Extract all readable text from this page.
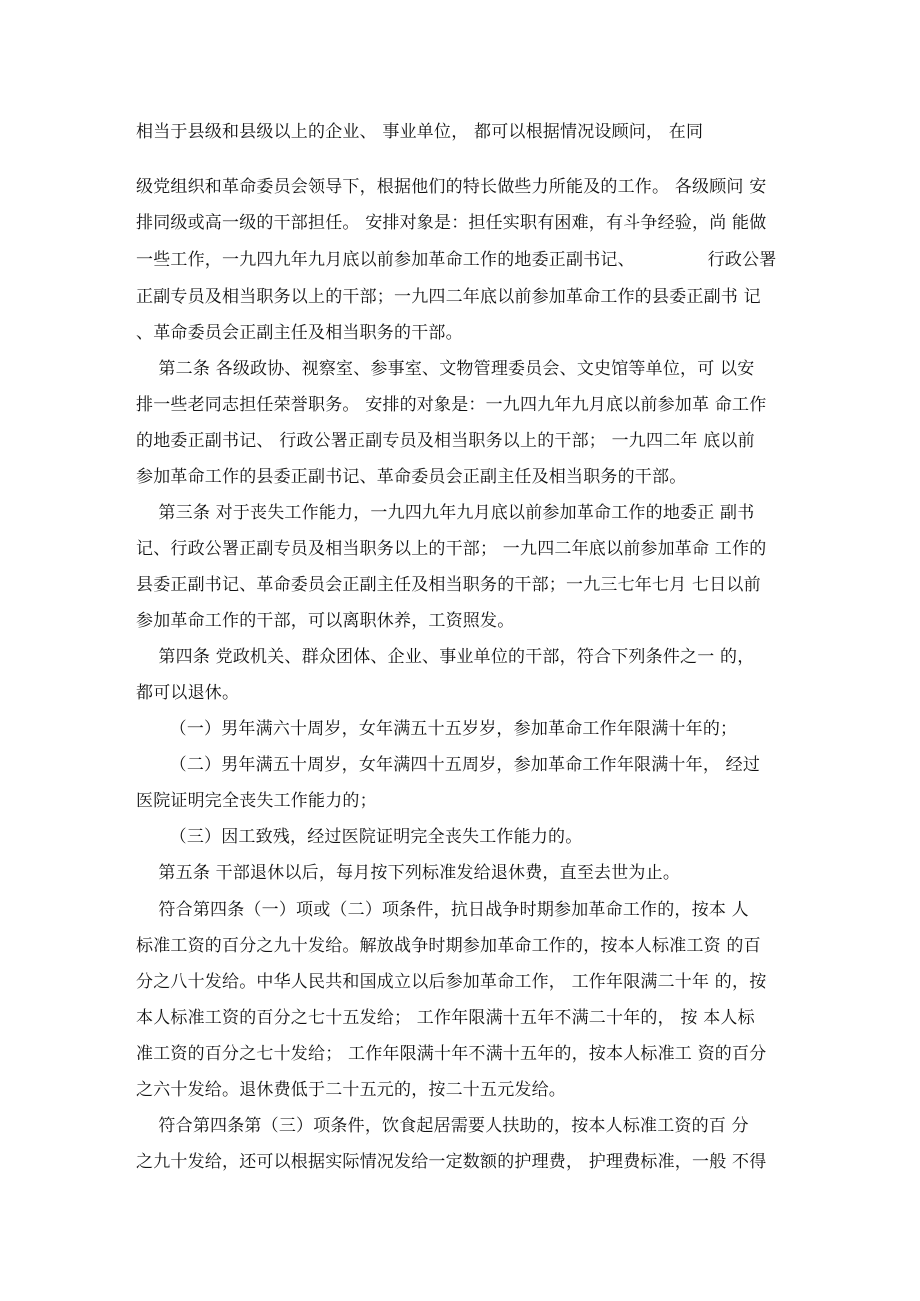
相当于县级和县级以上的企业、 事业单位， 都可以根据情况设顾问， 在同
级党组织和革命委员会领导下，根据他们的特长做些力所能及的工作。 各级顾问 安
排同级或高一级的干部担任。 安排对象是：担任实职有困难，有斗争经验，尚 能做
一些工作，一九四九年九月底以前参加革命工作的地委正副书记、             行政公署
正副专员及相当职务以上的干部；一九四二年底以前参加革命工作的县委正副书 记
、革命委员会正副主任及相当职务的干部。
第二条 各级政协、视察室、参事室、文物管理委员会、文史馆等单位，可 以安
排一些老同志担任荣誉职务。 安排的对象是：一九四九年九月底以前参加革 命工作
的地委正副书记、 行政公署正副专员及相当职务以上的干部； 一九四二年 底以前
参加革命工作的县委正副书记、革命委员会正副主任及相当职务的干部。
第三条 对于丧失工作能力，一九四九年九月底以前参加革命工作的地委正 副书
记、行政公署正副专员及相当职务以上的干部； 一九四二年底以前参加革命 工作的
县委正副书记、革命委员会正副主任及相当职务的干部；一九三七年七月 七日以前
参加革命工作的干部，可以离职休养，工资照发。
第四条 党政机关、群众团体、企业、事业单位的干部，符合下列条件之一 的，
都可以退休。
（一）男年满六十周岁，女年满五十五岁岁，参加革命工作年限满十年的；
（二）男年满五十周岁，女年满四十五周岁，参加革命工作年限满十年， 经过
医院证明完全丧失工作能力的；
（三）因工致残，经过医院证明完全丧失工作能力的。
第五条 干部退休以后，每月按下列标准发给退休费，直至去世为止。
符合第四条（一）项或（二）项条件，抗日战争时期参加革命工作的，按本 人
标准工资的百分之九十发给。解放战争时期参加革命工作的，按本人标准工资 的百
分之八十发给。中华人民共和国成立以后参加革命工作， 工作年限满二十年 的，按
本人标准工资的百分之七十五发给； 工作年限满十五年不满二十年的， 按 本人标
准工资的百分之七十发给； 工作年限满十年不满十五年的，按本人标准工 资的百分
之六十发给。退休费低于二十五元的，按二十五元发给。
符合第四条第（三）项条件，饮食起居需要人扶助的，按本人标准工资的百 分
之九十发给，还可以根据实际情况发给一定数额的护理费， 护理费标准，一般 不得
